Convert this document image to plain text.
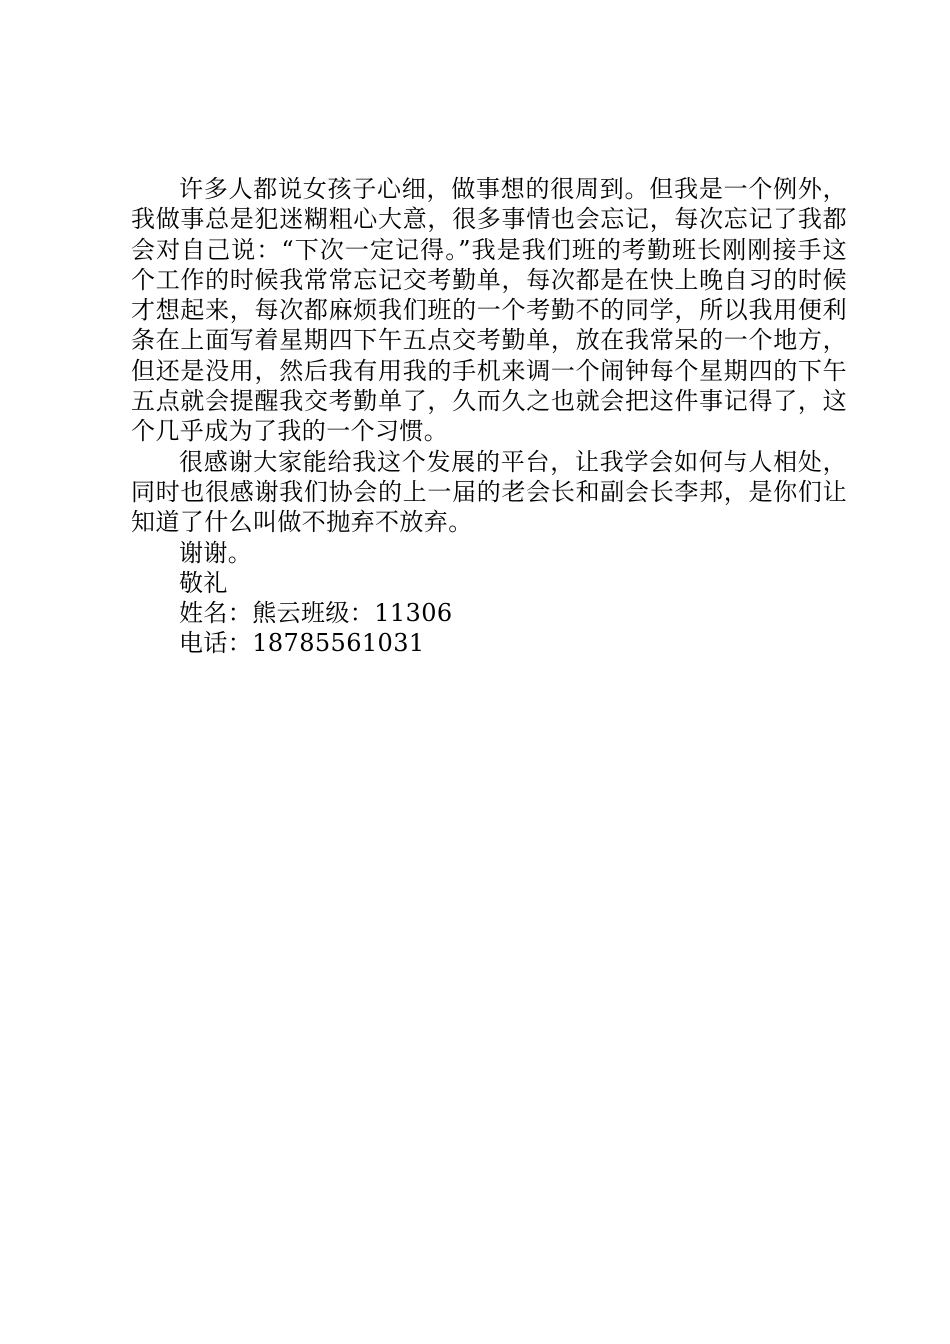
许多人都说女孩子心细，做事想的很周到。但我是一个例外，我做事总是犯迷糊粗心大意，很多事情也会忘记，每次忘记了我都会对自己说：“下次一定记得。”我是我们班的考勤班长刚刚接手这个工作的时候我常常忘记交考勤单，每次都是在快上晚自习的时候才想起来，每次都麻烦我们班的一个考勤不的同学，所以我用便利条在上面写着星期四下午五点交考勤单，放在我常呆的一个地方，但还是没用，然后我有用我的手机来调一个闹钟每个星期四的下午五点就会提醒我交考勤单了，久而久之也就会把这件事记得了，这个几乎成为了我的一个习惯。

很感谢大家能给我这个发展的平台，让我学会如何与人相处，同时也很感谢我们协会的上一届的老会长和副会长李邦，是你们让知道了什么叫做不抛弃不放弃。

谢谢。

敬礼

姓名：熊云班级：11306

电话：18785561031
